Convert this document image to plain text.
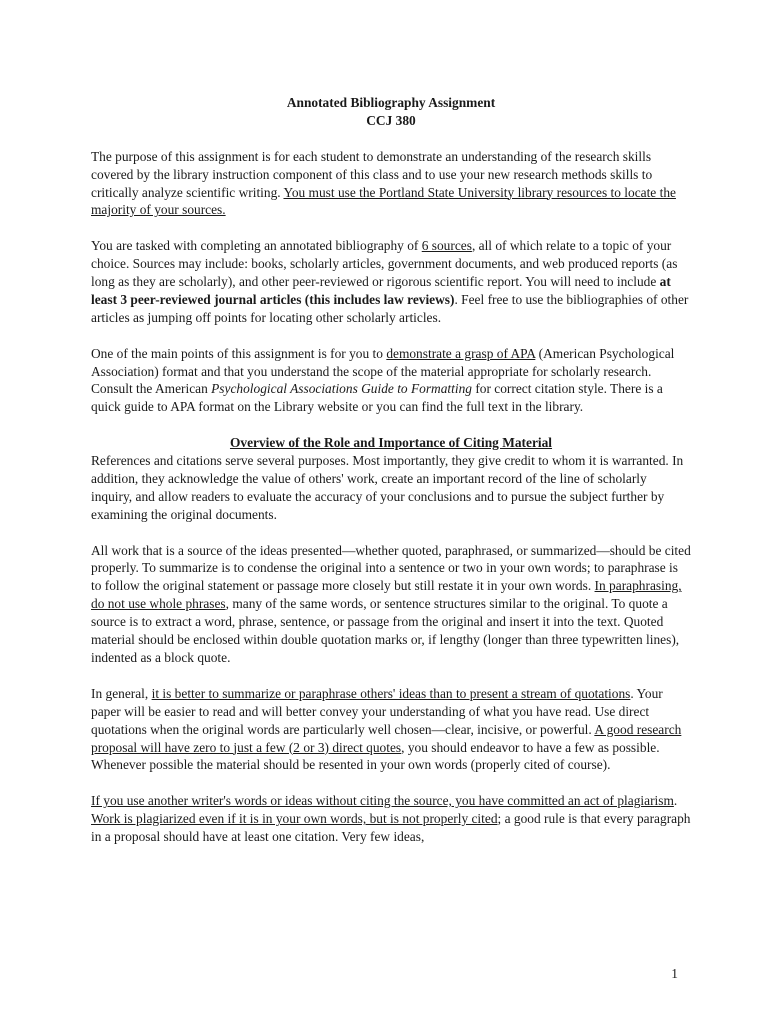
Annotated Bibliography Assignment
CCJ 380

The purpose of this assignment is for each student to demonstrate an understanding of the research skills covered by the library instruction component of this class and to use your new research methods skills to critically analyze scientific writing. You must use the Portland State University library resources to locate the majority of your sources.

You are tasked with completing an annotated bibliography of 6 sources, all of which relate to a topic of your choice. Sources may include: books, scholarly articles, government documents, and web produced reports (as long as they are scholarly), and other peer-reviewed or rigorous scientific report. You will need to include at least 3 peer-reviewed journal articles (this includes law reviews). Feel free to use the bibliographies of other articles as jumping off points for locating other scholarly articles.

One of the main points of this assignment is for you to demonstrate a grasp of APA (American Psychological Association) format and that you understand the scope of the material appropriate for scholarly research. Consult the American Psychological Associations Guide to Formatting for correct citation style. There is a quick guide to APA format on the Library website or you can find the full text in the library.

Overview of the Role and Importance of Citing Material

References and citations serve several purposes. Most importantly, they give credit to whom it is warranted. In addition, they acknowledge the value of others' work, create an important record of the line of scholarly inquiry, and allow readers to evaluate the accuracy of your conclusions and to pursue the subject further by examining the original documents.

All work that is a source of the ideas presented—whether quoted, paraphrased, or summarized—should be cited properly. To summarize is to condense the original into a sentence or two in your own words; to paraphrase is to follow the original statement or passage more closely but still restate it in your own words. In paraphrasing, do not use whole phrases, many of the same words, or sentence structures similar to the original. To quote a source is to extract a word, phrase, sentence, or passage from the original and insert it into the text. Quoted material should be enclosed within double quotation marks or, if lengthy (longer than three typewritten lines), indented as a block quote.

In general, it is better to summarize or paraphrase others' ideas than to present a stream of quotations. Your paper will be easier to read and will better convey your understanding of what you have read. Use direct quotations when the original words are particularly well chosen—clear, incisive, or powerful. A good research proposal will have zero to just a few (2 or 3) direct quotes, you should endeavor to have a few as possible. Whenever possible the material should be resented in your own words (properly cited of course).

If you use another writer's words or ideas without citing the source, you have committed an act of plagiarism. Work is plagiarized even if it is in your own words, but is not properly cited; a good rule is that every paragraph in a proposal should have at least one citation. Very few ideas,

1
